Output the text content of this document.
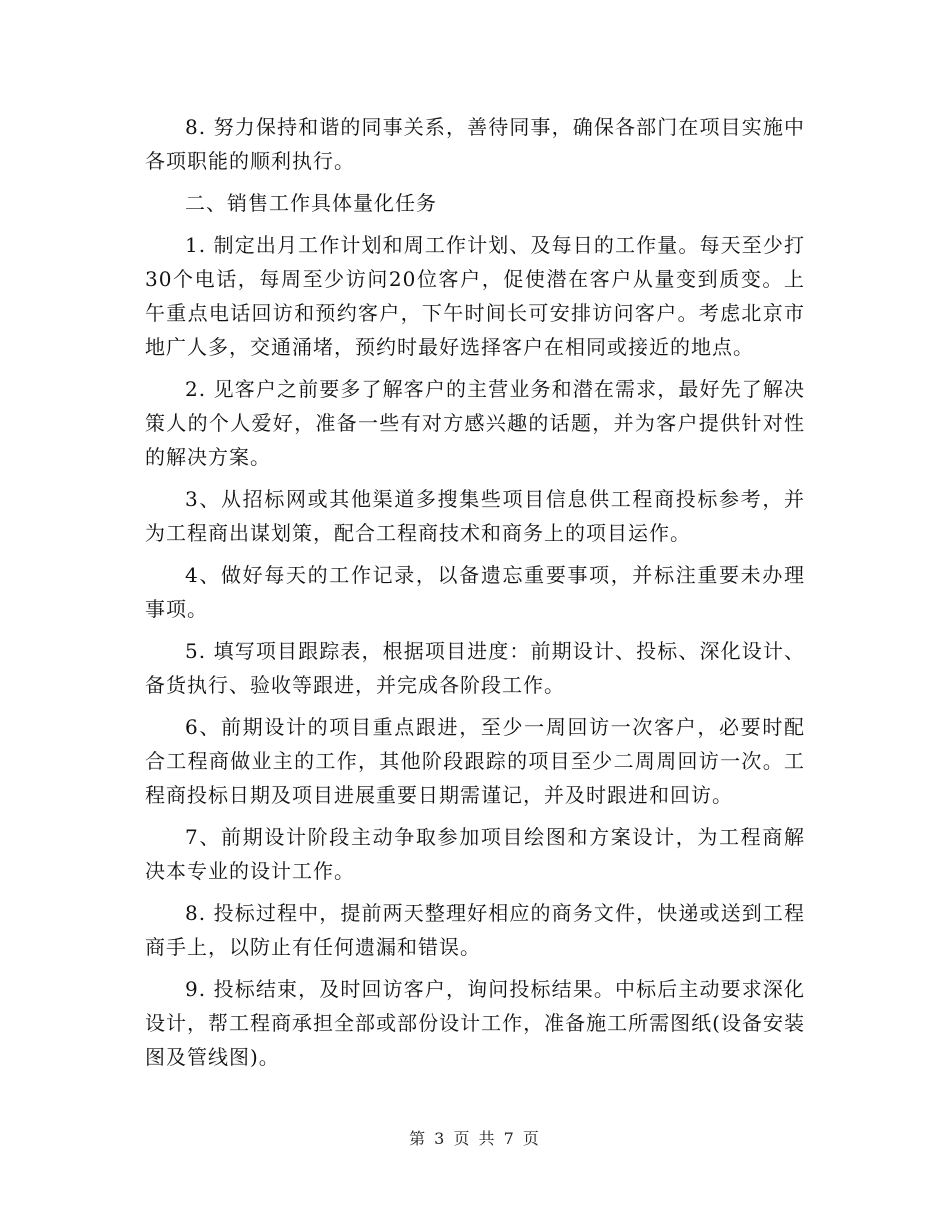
8. 努力保持和谐的同事关系，善待同事，确保各部门在项目实施中各项职能的顺利执行。

二、销售工作具体量化任务

1. 制定出月工作计划和周工作计划、及每日的工作量。每天至少打30个电话，每周至少访问20位客户，促使潜在客户从量变到质变。上午重点电话回访和预约客户，下午时间长可安排访问客户。考虑北京市地广人多，交通涌堵，预约时最好选择客户在相同或接近的地点。

2. 见客户之前要多了解客户的主营业务和潜在需求，最好先了解决策人的个人爱好，准备一些有对方感兴趣的话题，并为客户提供针对性的解决方案。

3、从招标网或其他渠道多搜集些项目信息供工程商投标参考，并为工程商出谋划策，配合工程商技术和商务上的项目运作。

4、做好每天的工作记录，以备遗忘重要事项，并标注重要未办理事项。

5. 填写项目跟踪表，根据项目进度：前期设计、投标、深化设计、备货执行、验收等跟进，并完成各阶段工作。

6、前期设计的项目重点跟进，至少一周回访一次客户，必要时配合工程商做业主的工作，其他阶段跟踪的项目至少二周周回访一次。工程商投标日期及项目进展重要日期需谨记，并及时跟进和回访。

7、前期设计阶段主动争取参加项目绘图和方案设计，为工程商解决本专业的设计工作。

8. 投标过程中，提前两天整理好相应的商务文件，快递或送到工程商手上，以防止有任何遗漏和错误。

9. 投标结束，及时回访客户，询问投标结果。中标后主动要求深化设计，帮工程商承担全部或部份设计工作，准备施工所需图纸(设备安装图及管线图)。

第 3 页 共 7 页
